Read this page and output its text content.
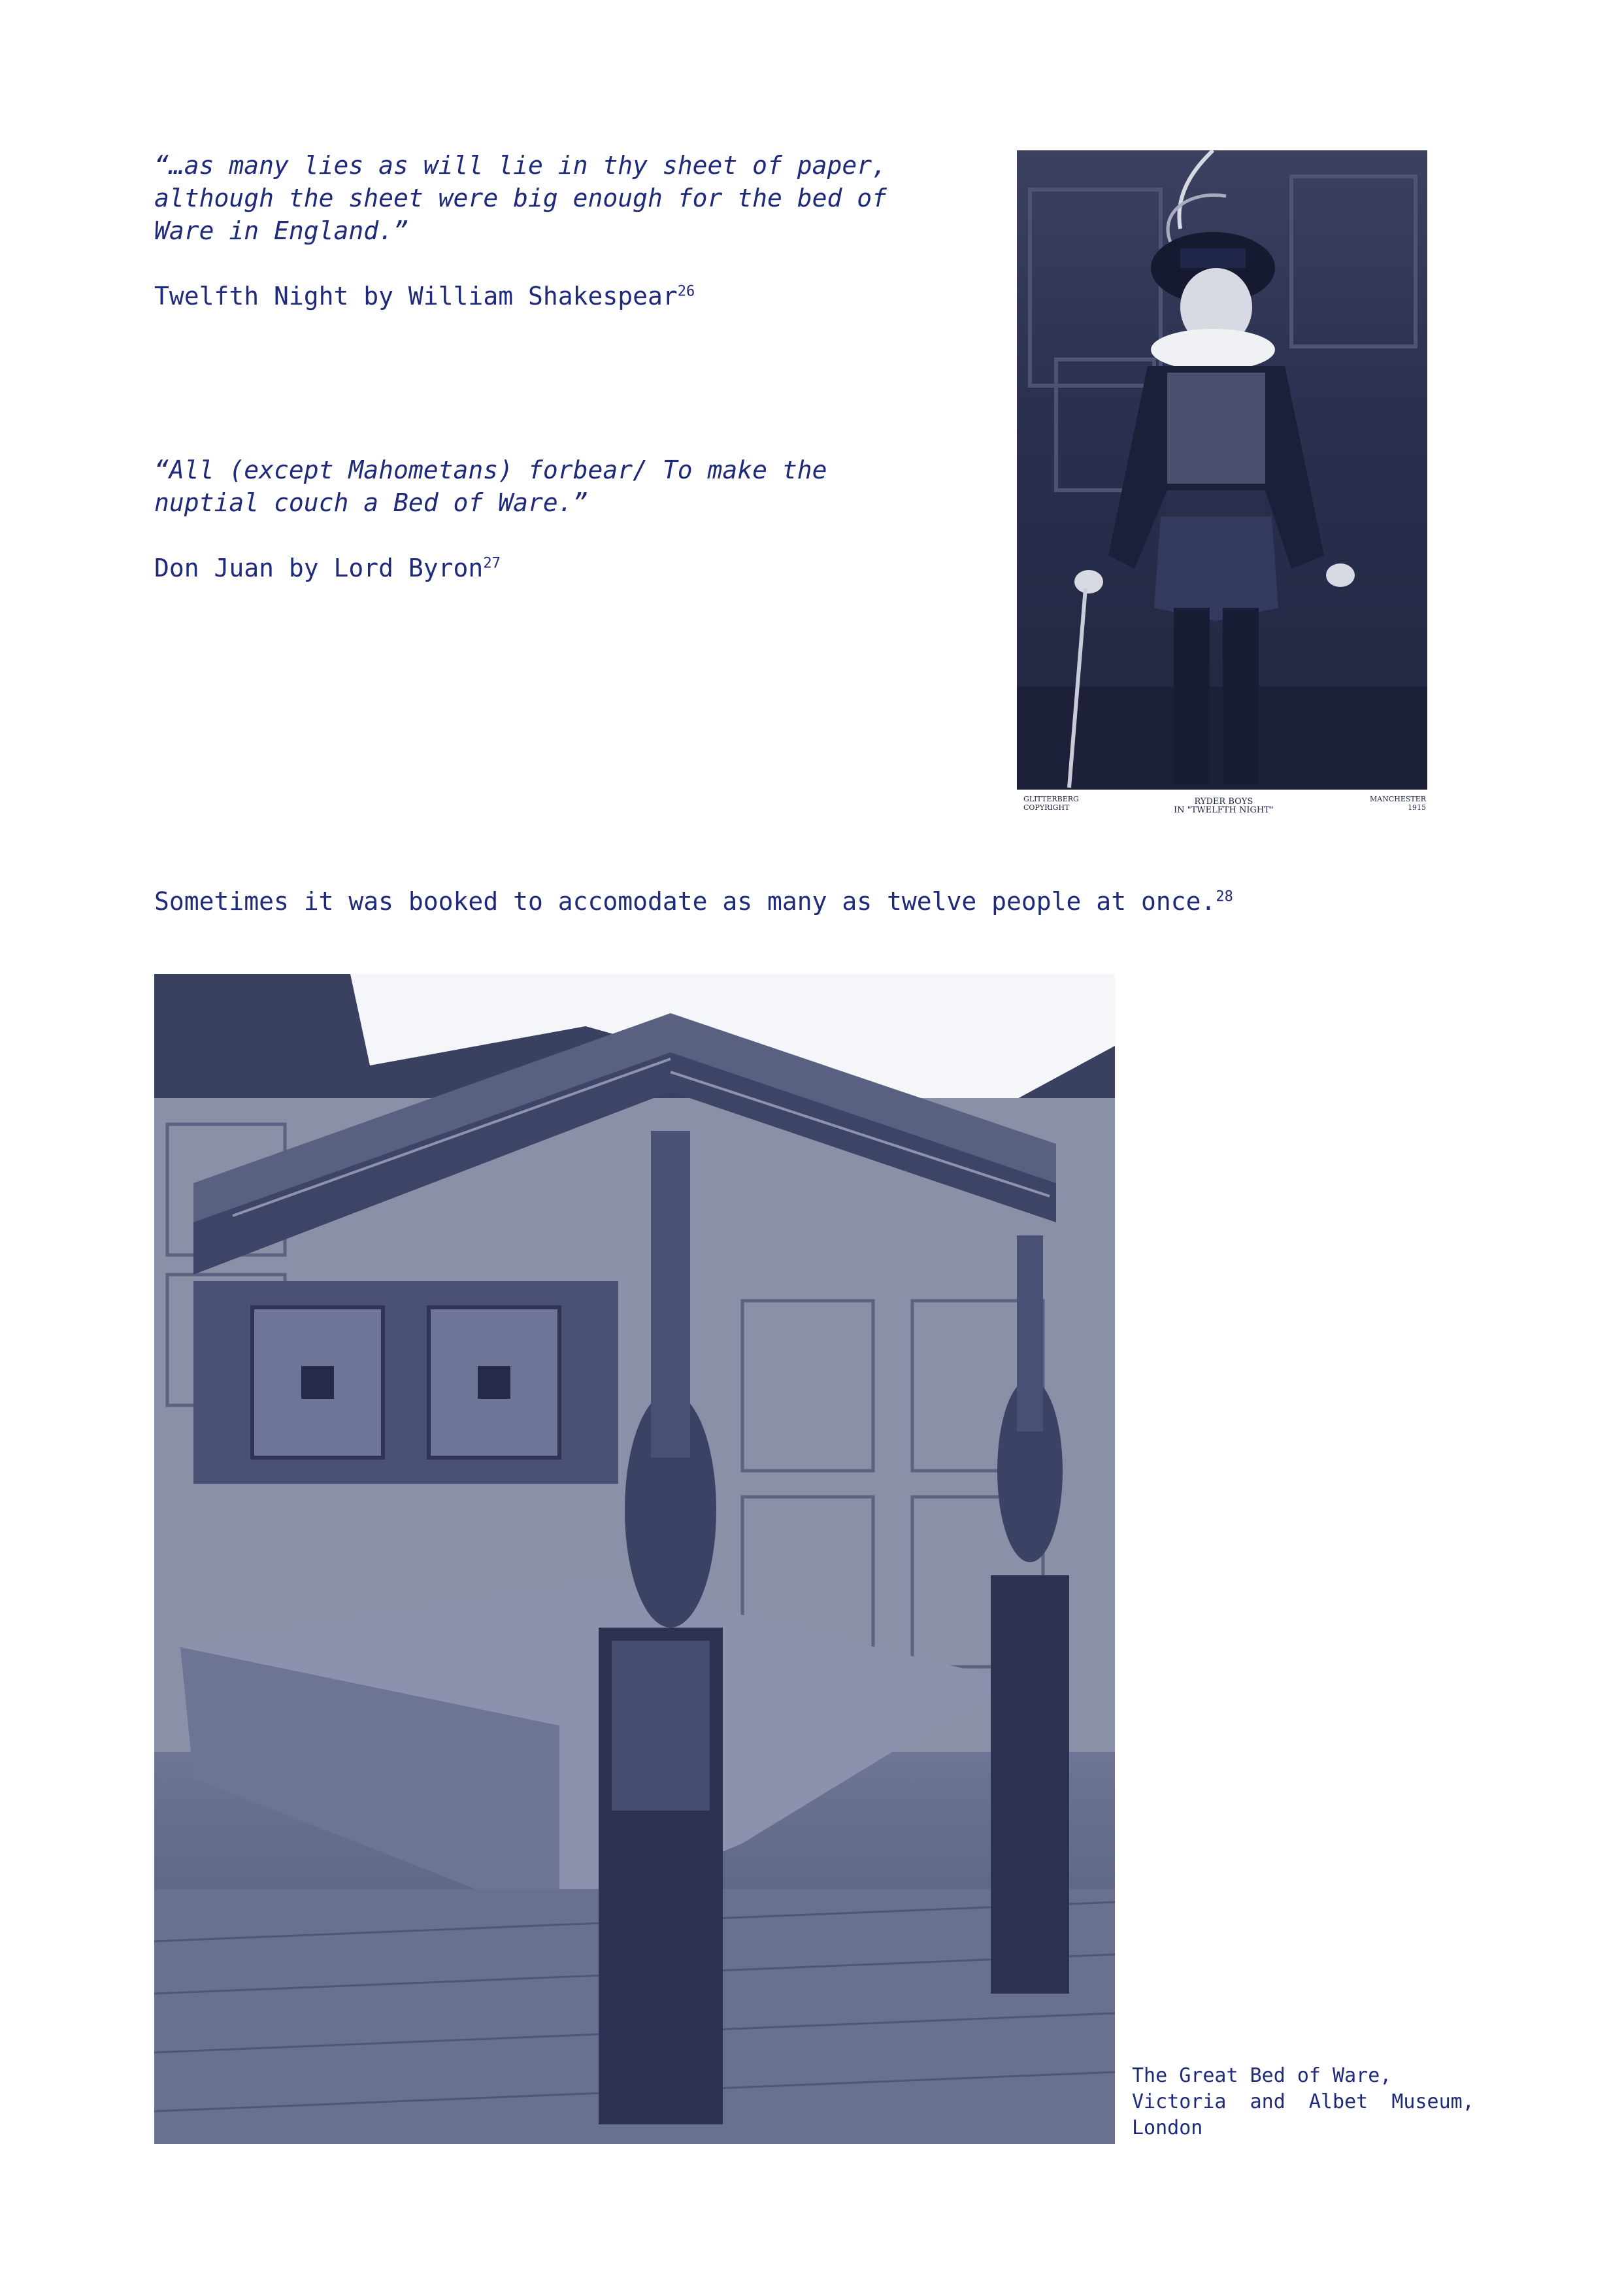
“…as many lies as will lie in thy sheet of paper,

although the sheet were big enough for the bed of

Ware in England.”

Twelfth Night by William Shakespear$^{26}$

“All (except Mahometans) forbear/ To make the

nuptial couch a Bed of Ware.”

Don Juan by Lord Byron$^{27}$

GLITTERBERG
COPYRIGHT
RYDER BOYS
IN "TWELFTH NIGHT"
MANCHESTER
1915

Sometimes it was booked to accomodate as many as twelve people at once.$^{28}$

The Great Bed of Ware,

Victoria  and  Albet  Museum,

London
